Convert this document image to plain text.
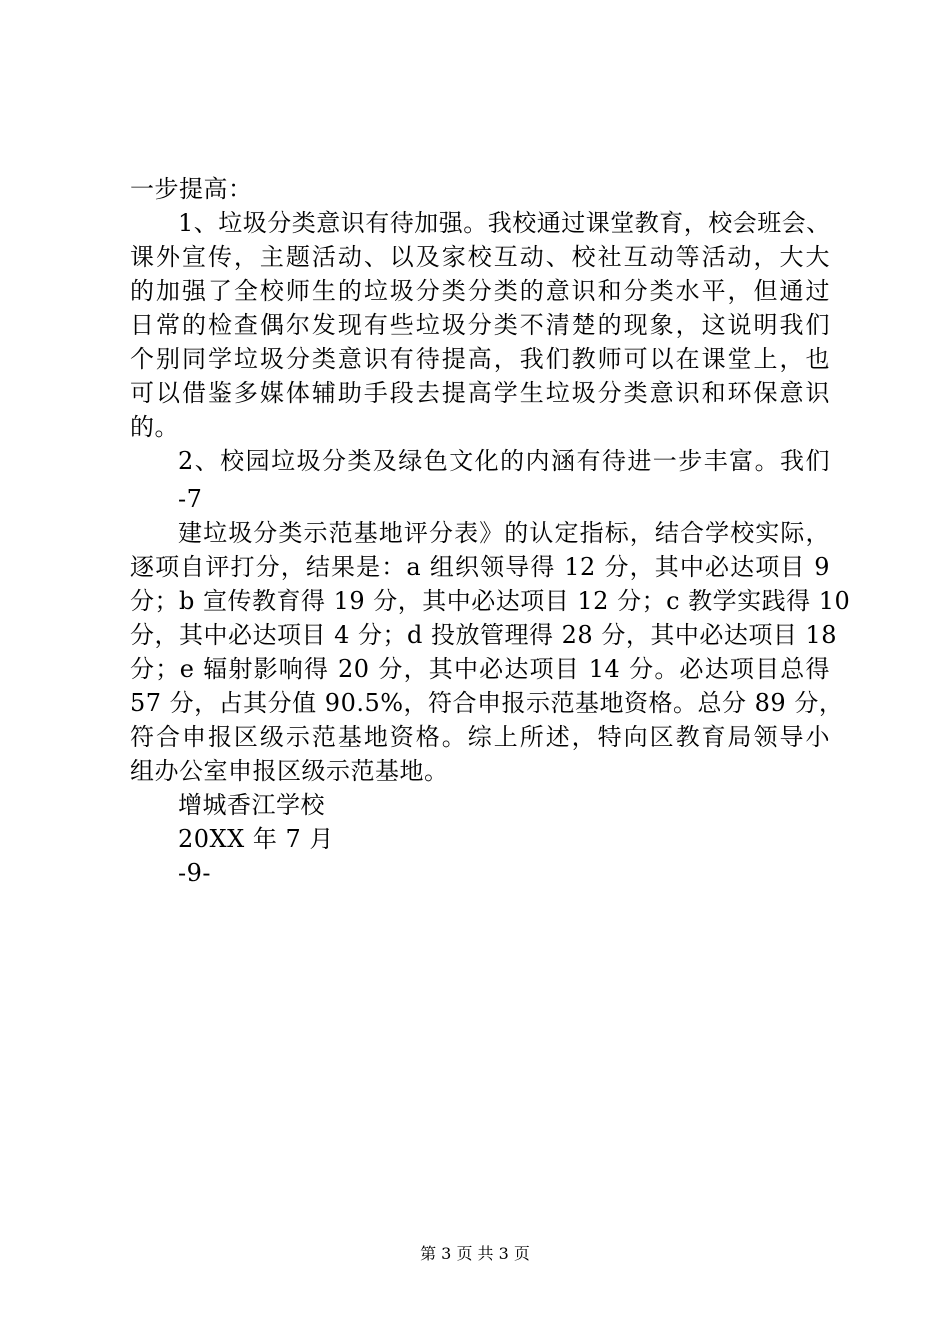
一步提高：
1、垃圾分类意识有待加强。我校通过课堂教育，校会班会、
课外宣传，主题活动、以及家校互动、校社互动等活动，大大
的加强了全校师生的垃圾分类分类的意识和分类水平，但通过
日常的检查偶尔发现有些垃圾分类不清楚的现象，这说明我们
个别同学垃圾分类意识有待提高，我们教师可以在课堂上，也
可以借鉴多媒体辅助手段去提高学生垃圾分类意识和环保意识
的。
2、校园垃圾分类及绿色文化的内涵有待进一步丰富。我们
-7
建垃圾分类示范基地评分表》的认定指标，结合学校实际，
逐项自评打分，结果是：a 组织领导得 12 分，其中必达项目 9
分；b 宣传教育得 19 分，其中必达项目 12 分；c 教学实践得 10
分，其中必达项目 4 分；d 投放管理得 28 分，其中必达项目 18
分；e 辐射影响得 20 分，其中必达项目 14 分。必达项目总得
57 分，占其分值 90.5%，符合申报示范基地资格。总分 89 分，
符合申报区级示范基地资格。综上所述，特向区教育局领导小
组办公室申报区级示范基地。
增城香江学校
20XX 年 7 月
-9-
第 3 页 共 3 页
